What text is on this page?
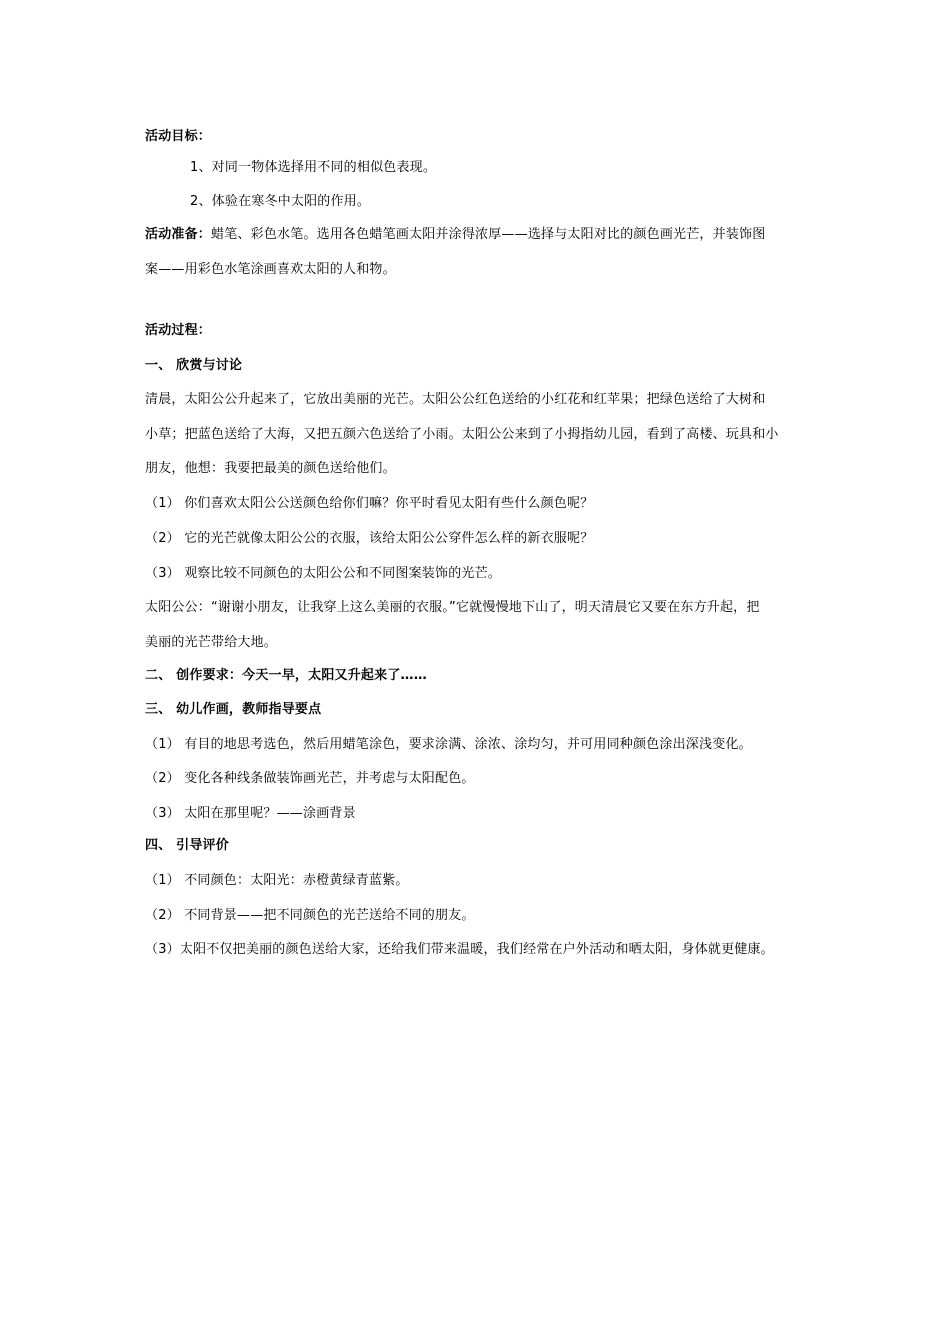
活动目标：
1、对同一物体选择用不同的相似色表现。
2、体验在寒冬中太阳的作用。
活动准备：蜡笔、彩色水笔。选用各色蜡笔画太阳并涂得浓厚——选择与太阳对比的颜色画光芒，并装饰图
案——用彩色水笔涂画喜欢太阳的人和物。
活动过程：
一、 欣赏与讨论
清晨，太阳公公升起来了，它放出美丽的光芒。太阳公公红色送给的小红花和红苹果；把绿色送给了大树和
小草；把蓝色送给了大海，又把五颜六色送给了小雨。太阳公公来到了小拇指幼儿园，看到了高楼、玩具和小
朋友，他想：我要把最美的颜色送给他们。
（1） 你们喜欢太阳公公送颜色给你们嘛？你平时看见太阳有些什么颜色呢？
（2） 它的光芒就像太阳公公的衣服，该给太阳公公穿件怎么样的新衣服呢？
（3） 观察比较不同颜色的太阳公公和不同图案装饰的光芒。
太阳公公：“谢谢小朋友，让我穿上这么美丽的衣服。”它就慢慢地下山了，明天清晨它又要在东方升起，把
美丽的光芒带给大地。
二、 创作要求：今天一早，太阳又升起来了……
三、 幼儿作画，教师指导要点
（1） 有目的地思考选色，然后用蜡笔涂色，要求涂满、涂浓、涂均匀，并可用同种颜色涂出深浅变化。
（2） 变化各种线条做装饰画光芒，并考虑与太阳配色。
（3） 太阳在那里呢？——涂画背景
四、 引导评价
（1） 不同颜色：太阳光：赤橙黄绿青蓝紫。
（2） 不同背景——把不同颜色的光芒送给不同的朋友。
（3）太阳不仅把美丽的颜色送给大家，还给我们带来温暖，我们经常在户外活动和晒太阳，身体就更健康。
